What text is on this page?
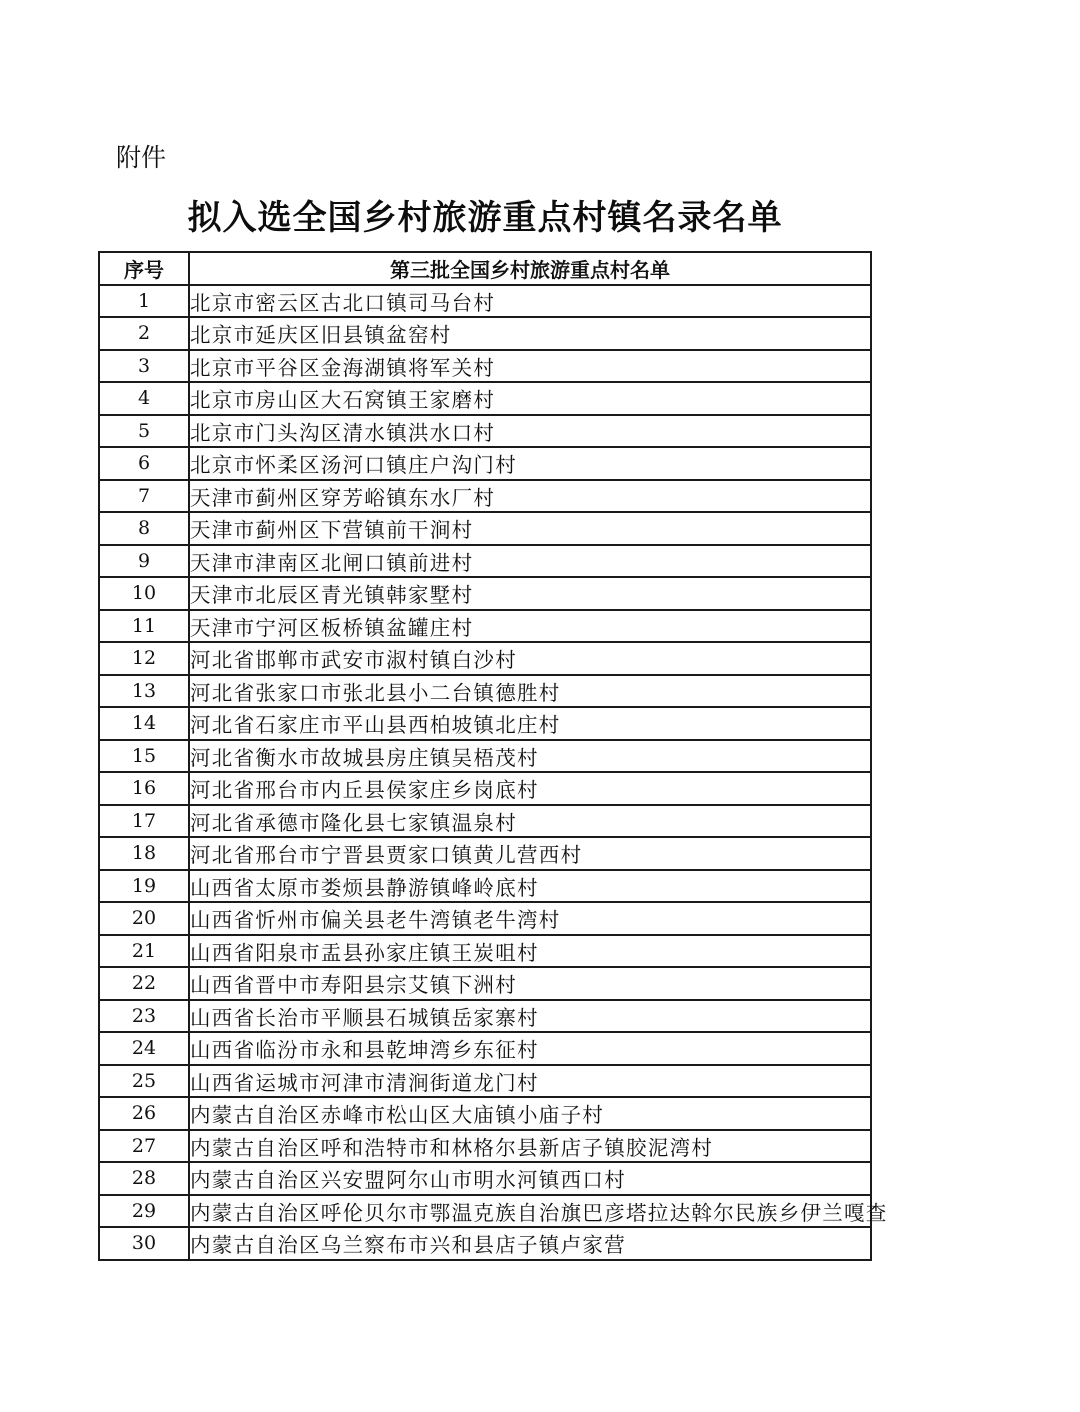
附件
拟入选全国乡村旅游重点村镇名录名单
序号	第三批全国乡村旅游重点村名单
1	北京市密云区古北口镇司马台村
2	北京市延庆区旧县镇盆窑村
3	北京市平谷区金海湖镇将军关村
4	北京市房山区大石窝镇王家磨村
5	北京市门头沟区清水镇洪水口村
6	北京市怀柔区汤河口镇庄户沟门村
7	天津市蓟州区穿芳峪镇东水厂村
8	天津市蓟州区下营镇前干涧村
9	天津市津南区北闸口镇前进村
10	天津市北辰区青光镇韩家墅村
11	天津市宁河区板桥镇盆罐庄村
12	河北省邯郸市武安市淑村镇白沙村
13	河北省张家口市张北县小二台镇德胜村
14	河北省石家庄市平山县西柏坡镇北庄村
15	河北省衡水市故城县房庄镇吴梧茂村
16	河北省邢台市内丘县侯家庄乡岗底村
17	河北省承德市隆化县七家镇温泉村
18	河北省邢台市宁晋县贾家口镇黄儿营西村
19	山西省太原市娄烦县静游镇峰岭底村
20	山西省忻州市偏关县老牛湾镇老牛湾村
21	山西省阳泉市盂县孙家庄镇王炭咀村
22	山西省晋中市寿阳县宗艾镇下洲村
23	山西省长治市平顺县石城镇岳家寨村
24	山西省临汾市永和县乾坤湾乡东征村
25	山西省运城市河津市清涧街道龙门村
26	内蒙古自治区赤峰市松山区大庙镇小庙子村
27	内蒙古自治区呼和浩特市和林格尔县新店子镇胶泥湾村
28	内蒙古自治区兴安盟阿尔山市明水河镇西口村
29	内蒙古自治区呼伦贝尔市鄂温克族自治旗巴彦塔拉达斡尔民族乡伊兰嘎查
30	内蒙古自治区乌兰察布市兴和县店子镇卢家营
